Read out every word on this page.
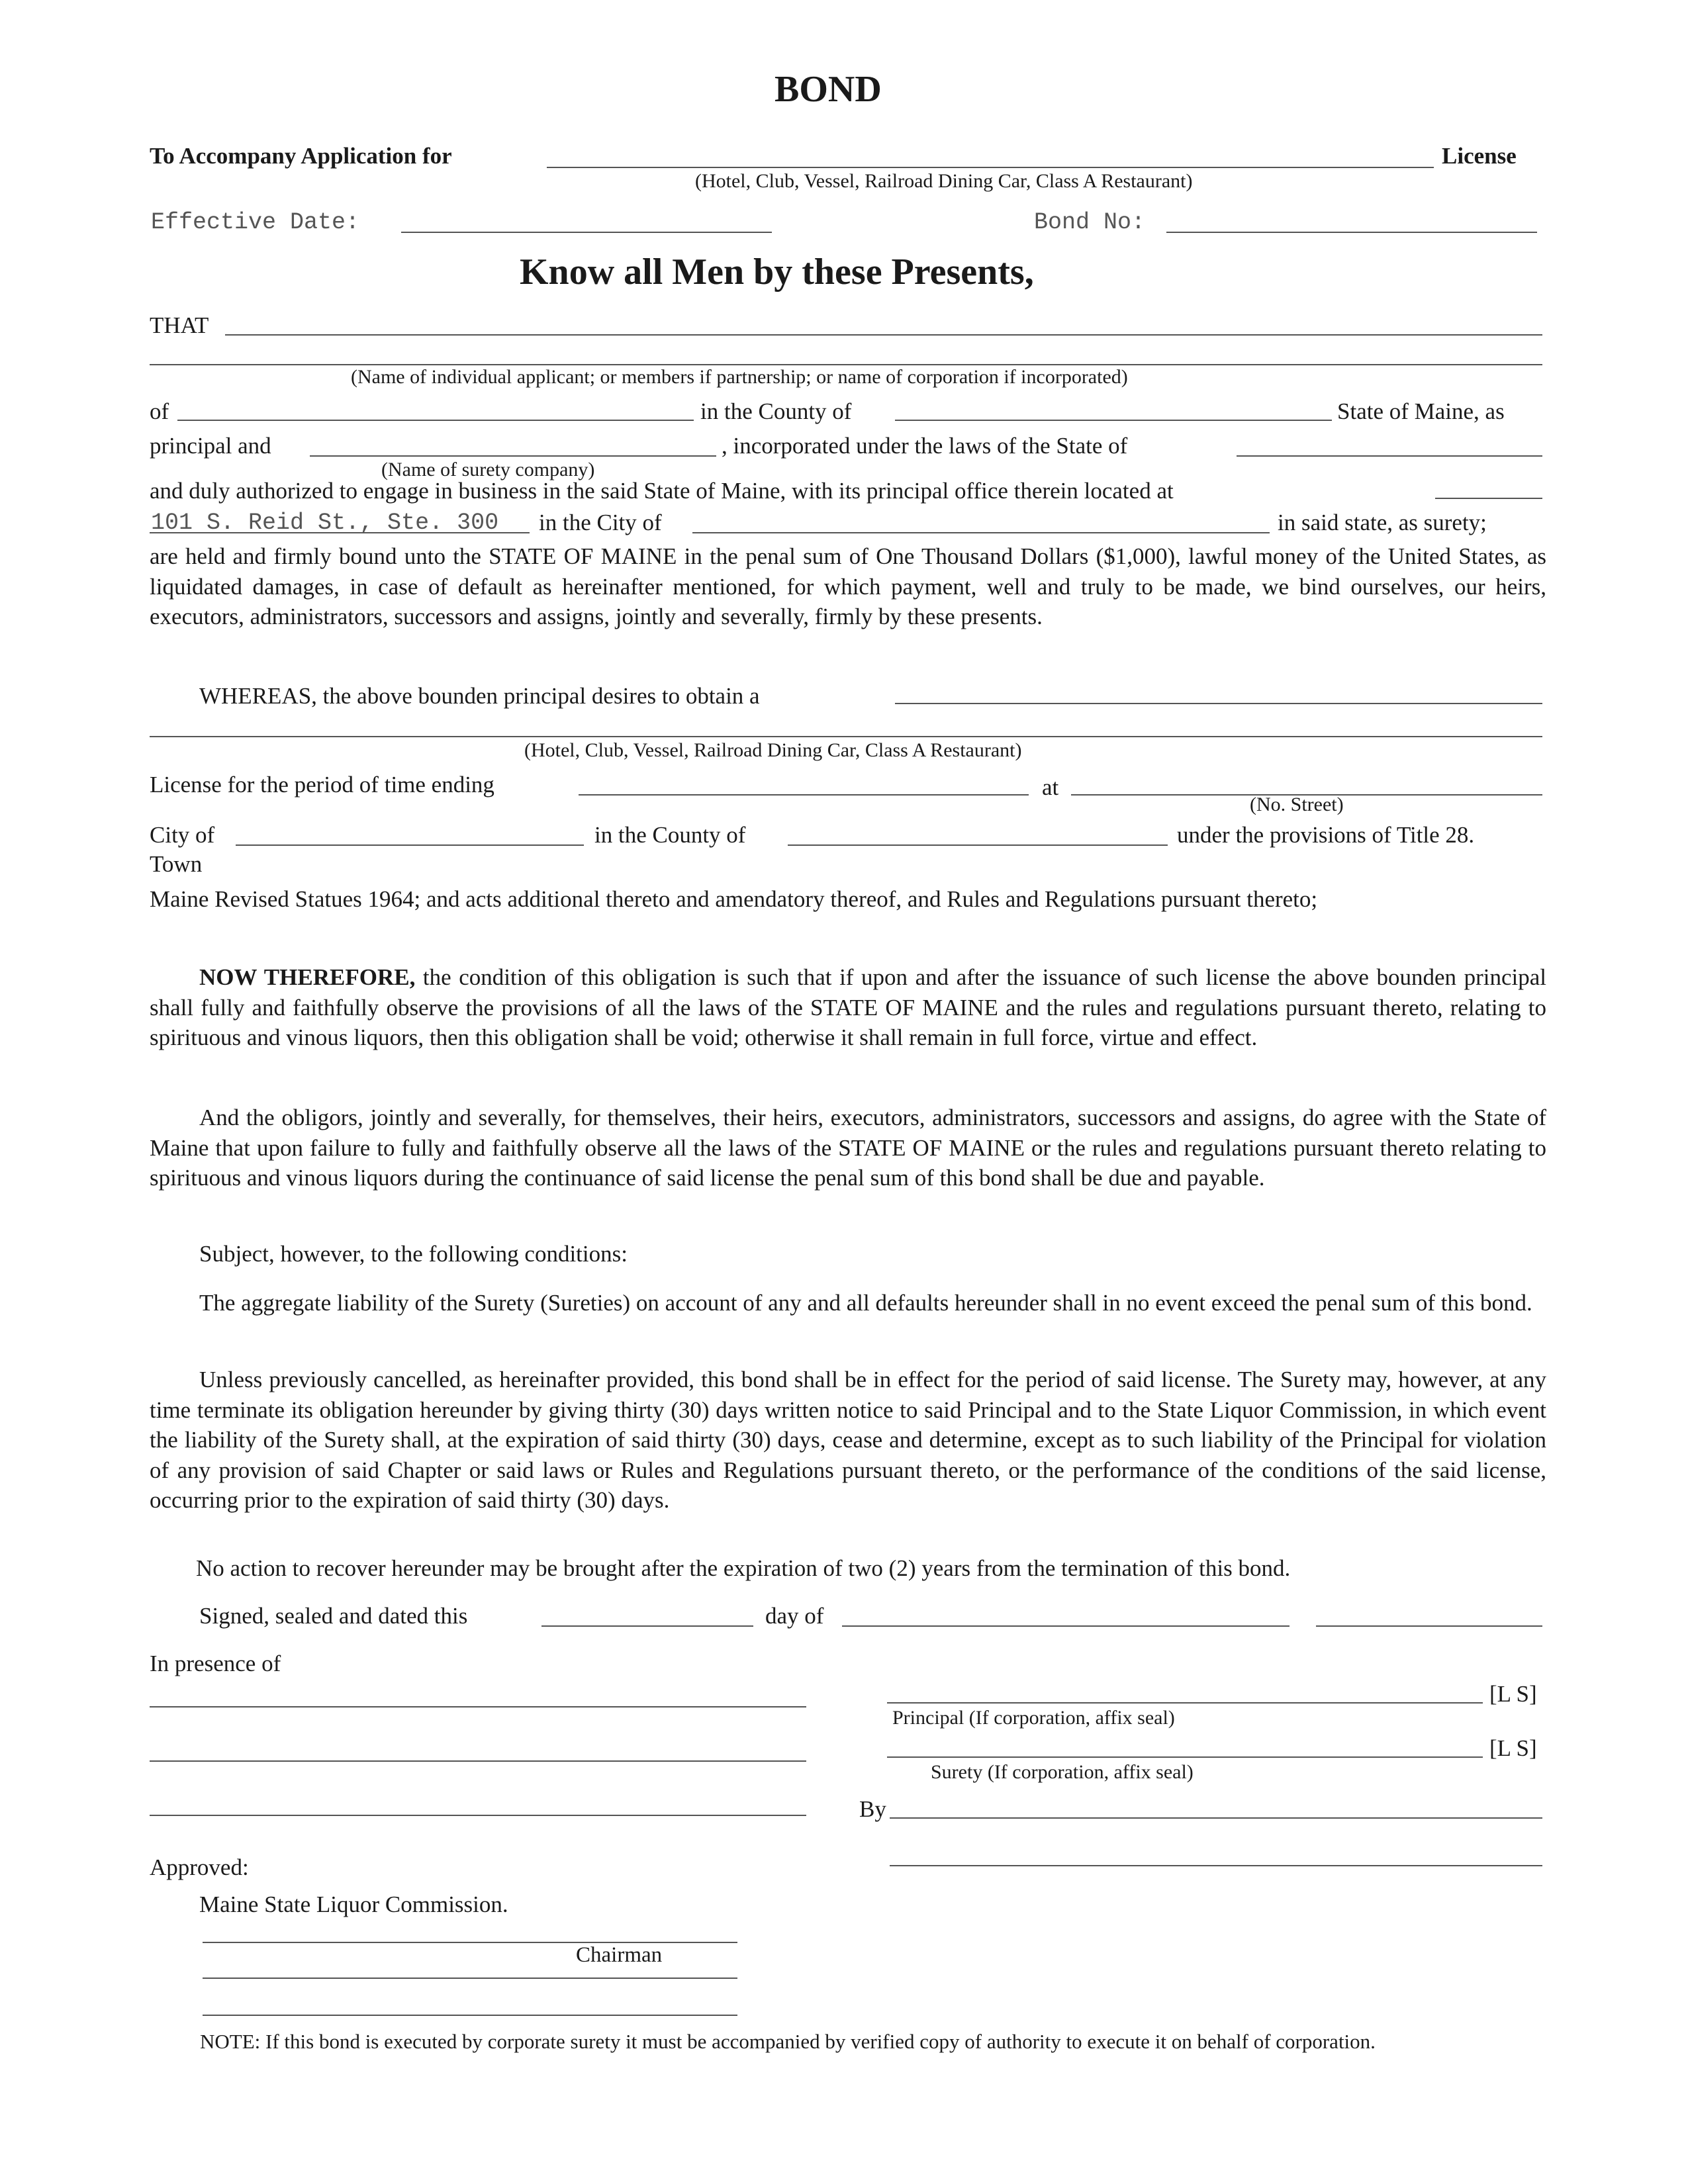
BOND
To Accompany Application for	License
(Hotel, Club, Vessel, Railroad Dining Car, Class A Restaurant)
Effective Date:	Bond No:
Know all Men by these Presents,
THAT
(Name of individual applicant; or members if partnership; or name of corporation if incorporated)
of	in the County of	State of Maine, as
principal and
(Name of surety company)
, incorporated under the laws of the State of
and duly authorized to engage in business in the said State of Maine, with its principal office therein located at
101 S. Reid St., Ste. 300 in the City of	in said state, as surety;

are held and firmly bound unto the STATE OF MAINE in the penal sum of One Thousand Dollars ($1,000), lawful money of the United States, as liquidated damages, in case of default as hereinafter mentioned, for which payment, well and truly to be made, we bind ourselves, our heirs, executors, administrators, successors and assigns, jointly and severally, firmly by these presents.

WHEREAS, the above bounden principal desires to obtain a
(Hotel, Club, Vessel, Railroad Dining Car, Class A Restaurant)
License for the period of time ending	at
(No. Street)
City of
Town
in the County of	under the provisions of Title 28.

Maine Revised Statues 1964; and acts additional thereto and amendatory thereof, and Rules and Regulations pursuant thereto;

NOW THEREFORE, the condition of this obligation is such that if upon and after the issuance of such license the above bounden principal shall fully and faithfully observe the provisions of all the laws of the STATE OF MAINE and the rules and regulations pursuant thereto, relating to spirituous and vinous liquors, then this obligation shall be void; otherwise it shall remain in full force, virtue and effect.

And the obligors, jointly and severally, for themselves, their heirs, executors, administrators, successors and assigns, do agree with the State of Maine that upon failure to fully and faithfully observe all the laws of the STATE OF MAINE or the rules and regulations pursuant thereto relating to spirituous and vinous liquors during the continuance of said license the penal sum of this bond shall be due and payable.

Subject, however, to the following conditions:

The aggregate liability of the Surety (Sureties) on account of any and all defaults hereunder shall in no event exceed the penal sum of this bond.

Unless previously cancelled, as hereinafter provided, this bond shall be in effect for the period of said license. The Surety may, however, at any time terminate its obligation hereunder by giving thirty (30) days written notice to said Principal and to the State Liquor Commission, in which event the liability of the Surety shall, at the expiration of said thirty (30) days, cease and determine, except as to such liability of the Principal for violation of any provision of said Chapter or said laws or Rules and Regulations pursuant thereto, or the performance of the conditions of the said license, occurring prior to the expiration of said thirty (30) days.

No action to recover hereunder may be brought after the expiration of two (2) years from the termination of this bond.
Signed, sealed and dated this	day of
In presence of
[L S]
Principal (If corporation, affix seal)
[L S]
Surety (If corporation, affix seal)
By
Approved:
Maine State Liquor Commission.
Chairman

NOTE: If this bond is executed by corporate surety it must be accompanied by verified copy of authority to execute it on behalf of corporation.
